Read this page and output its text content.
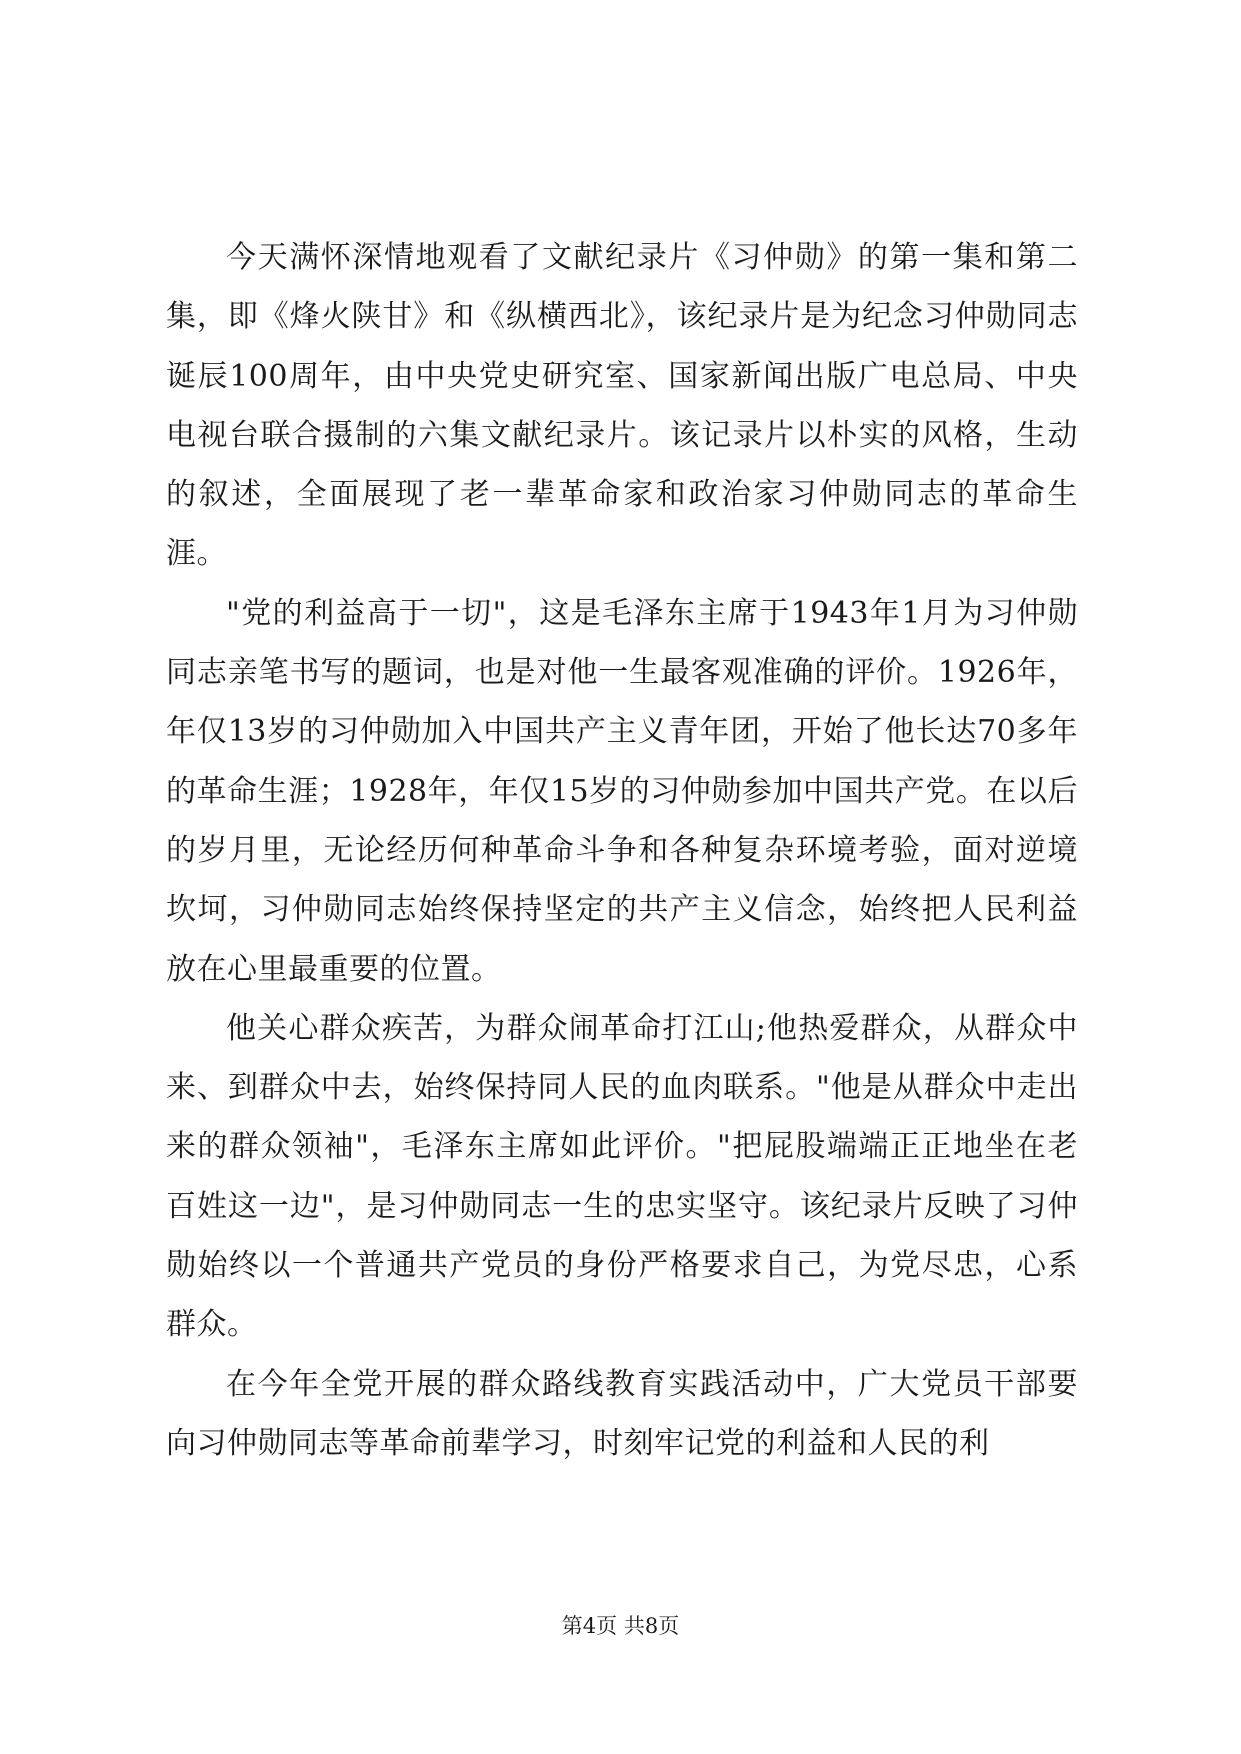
今天满怀深情地观看了文献纪录片《习仲勋》的第一集和第二集，即《烽火陕甘》和《纵横西北》，该纪录片是为纪念习仲勋同志诞辰100周年，由中央党史研究室、国家新闻出版广电总局、中央电视台联合摄制的六集文献纪录片。该记录片以朴实的风格，生动的叙述，全面展现了老一辈革命家和政治家习仲勋同志的革命生涯。

"党的利益高于一切"，这是毛泽东主席于1943年1月为习仲勋同志亲笔书写的题词，也是对他一生最客观准确的评价。1926年，年仅13岁的习仲勋加入中国共产主义青年团，开始了他长达70多年的革命生涯；1928年，年仅15岁的习仲勋参加中国共产党。在以后的岁月里，无论经历何种革命斗争和各种复杂环境考验，面对逆境坎坷，习仲勋同志始终保持坚定的共产主义信念，始终把人民利益放在心里最重要的位置。

他关心群众疾苦，为群众闹革命打江山;他热爱群众，从群众中来、到群众中去，始终保持同人民的血肉联系。"他是从群众中走出来的群众领袖"，毛泽东主席如此评价。"把屁股端端正正地坐在老百姓这一边"，是习仲勋同志一生的忠实坚守。该纪录片反映了习仲勋始终以一个普通共产党员的身份严格要求自己，为党尽忠，心系群众。

在今年全党开展的群众路线教育实践活动中，广大党员干部要向习仲勋同志等革命前辈学习，时刻牢记党的利益和人民的利

第4页 共8页
